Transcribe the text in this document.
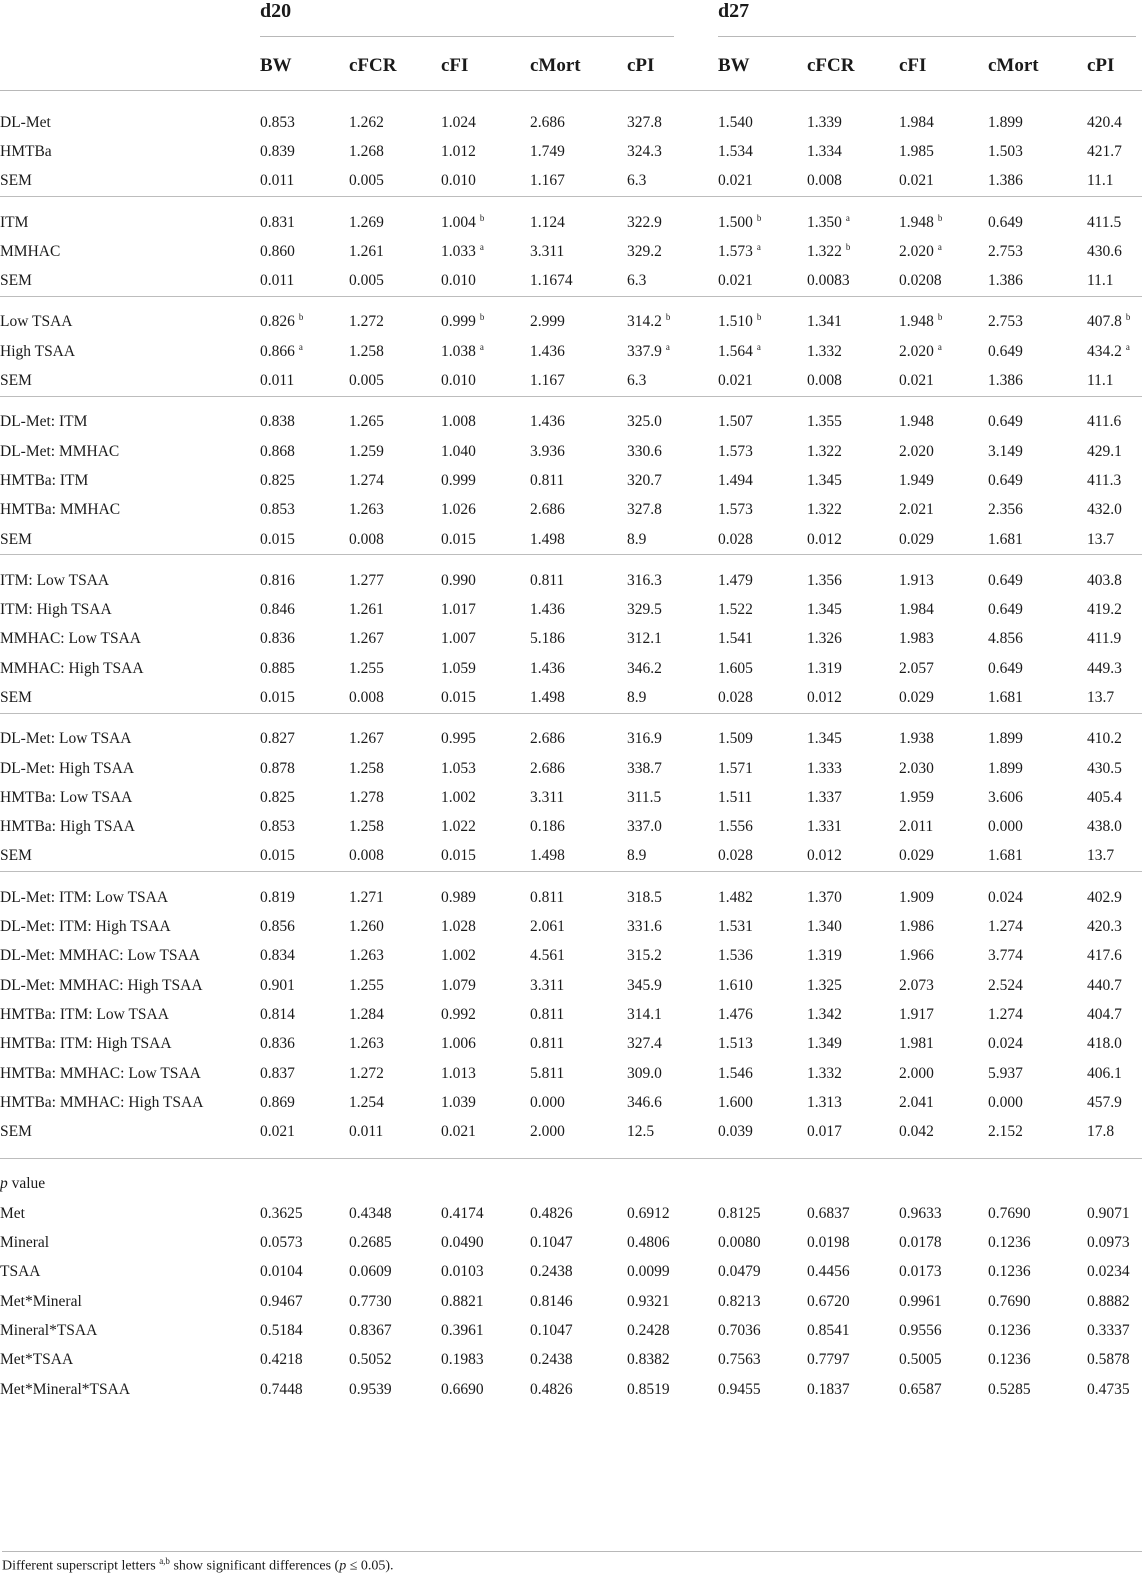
d20	d27
	BW	cFCR	cFI	cMort	cPI	BW	cFCR	cFI	cMort	cPI

DL-Met	0.853	1.262	1.024	2.686	327.8	1.540	1.339	1.984	1.899	420.4
HMTBa	0.839	1.268	1.012	1.749	324.3	1.534	1.334	1.985	1.503	421.7
SEM	0.011	0.005	0.010	1.167	6.3	0.021	0.008	0.021	1.386	11.1

ITM	0.831	1.269	1.004 $^b$	1.124	322.9	1.500 $^b$	1.350 $^a$	1.948 $^b$	0.649	411.5
MMHAC	0.860	1.261	1.033 $^a$	3.311	329.2	1.573 $^a$	1.322 $^b$	2.020 $^a$	2.753	430.6
SEM	0.011	0.005	0.010	1.1674	6.3	0.021	0.0083	0.0208	1.386	11.1

Low TSAA	0.826 $^b$	1.272	0.999 $^b$	2.999	314.2 $^b$	1.510 $^b$	1.341	1.948 $^b$	2.753	407.8 $^b$
High TSAA	0.866 $^a$	1.258	1.038 $^a$	1.436	337.9 $^a$	1.564 $^a$	1.332	2.020 $^a$	0.649	434.2 $^a$
SEM	0.011	0.005	0.010	1.167	6.3	0.021	0.008	0.021	1.386	11.1

DL-Met: ITM	0.838	1.265	1.008	1.436	325.0	1.507	1.355	1.948	0.649	411.6
DL-Met: MMHAC	0.868	1.259	1.040	3.936	330.6	1.573	1.322	2.020	3.149	429.1
HMTBa: ITM	0.825	1.274	0.999	0.811	320.7	1.494	1.345	1.949	0.649	411.3
HMTBa: MMHAC	0.853	1.263	1.026	2.686	327.8	1.573	1.322	2.021	2.356	432.0
SEM	0.015	0.008	0.015	1.498	8.9	0.028	0.012	0.029	1.681	13.7

ITM: Low TSAA	0.816	1.277	0.990	0.811	316.3	1.479	1.356	1.913	0.649	403.8
ITM: High TSAA	0.846	1.261	1.017	1.436	329.5	1.522	1.345	1.984	0.649	419.2
MMHAC: Low TSAA	0.836	1.267	1.007	5.186	312.1	1.541	1.326	1.983	4.856	411.9
MMHAC: High TSAA	0.885	1.255	1.059	1.436	346.2	1.605	1.319	2.057	0.649	449.3
SEM	0.015	0.008	0.015	1.498	8.9	0.028	0.012	0.029	1.681	13.7

DL-Met: Low TSAA	0.827	1.267	0.995	2.686	316.9	1.509	1.345	1.938	1.899	410.2
DL-Met: High TSAA	0.878	1.258	1.053	2.686	338.7	1.571	1.333	2.030	1.899	430.5
HMTBa: Low TSAA	0.825	1.278	1.002	3.311	311.5	1.511	1.337	1.959	3.606	405.4
HMTBa: High TSAA	0.853	1.258	1.022	0.186	337.0	1.556	1.331	2.011	0.000	438.0
SEM	0.015	0.008	0.015	1.498	8.9	0.028	0.012	0.029	1.681	13.7

DL-Met: ITM: Low TSAA	0.819	1.271	0.989	0.811	318.5	1.482	1.370	1.909	0.024	402.9
DL-Met: ITM: High TSAA	0.856	1.260	1.028	2.061	331.6	1.531	1.340	1.986	1.274	420.3
DL-Met: MMHAC: Low TSAA	0.834	1.263	1.002	4.561	315.2	1.536	1.319	1.966	3.774	417.6
DL-Met: MMHAC: High TSAA	0.901	1.255	1.079	3.311	345.9	1.610	1.325	2.073	2.524	440.7
HMTBa: ITM: Low TSAA	0.814	1.284	0.992	0.811	314.1	1.476	1.342	1.917	1.274	404.7
HMTBa: ITM: High TSAA	0.836	1.263	1.006	0.811	327.4	1.513	1.349	1.981	0.024	418.0
HMTBa: MMHAC: Low TSAA	0.837	1.272	1.013	5.811	309.0	1.546	1.332	2.000	5.937	406.1
HMTBa: MMHAC: High TSAA	0.869	1.254	1.039	0.000	346.6	1.600	1.313	2.041	0.000	457.9
SEM	0.021	0.011	0.021	2.000	12.5	0.039	0.017	0.042	2.152	17.8

p value										
Met	0.3625	0.4348	0.4174	0.4826	0.6912	0.8125	0.6837	0.9633	0.7690	0.9071
Mineral	0.0573	0.2685	0.0490	0.1047	0.4806	0.0080	0.0198	0.0178	0.1236	0.0973
TSAA	0.0104	0.0609	0.0103	0.2438	0.0099	0.0479	0.4456	0.0173	0.1236	0.0234
Met*Mineral	0.9467	0.7730	0.8821	0.8146	0.9321	0.8213	0.6720	0.9961	0.7690	0.8882
Mineral*TSAA	0.5184	0.8367	0.3961	0.1047	0.2428	0.7036	0.8541	0.9556	0.1236	0.3337
Met*TSAA	0.4218	0.5052	0.1983	0.2438	0.8382	0.7563	0.7797	0.5005	0.1236	0.5878
Met*Mineral*TSAA	0.7448	0.9539	0.6690	0.4826	0.8519	0.9455	0.1837	0.6587	0.5285	0.4735
Different superscript letters $^{a,b}$ show significant differences (p ≤ 0.05).
